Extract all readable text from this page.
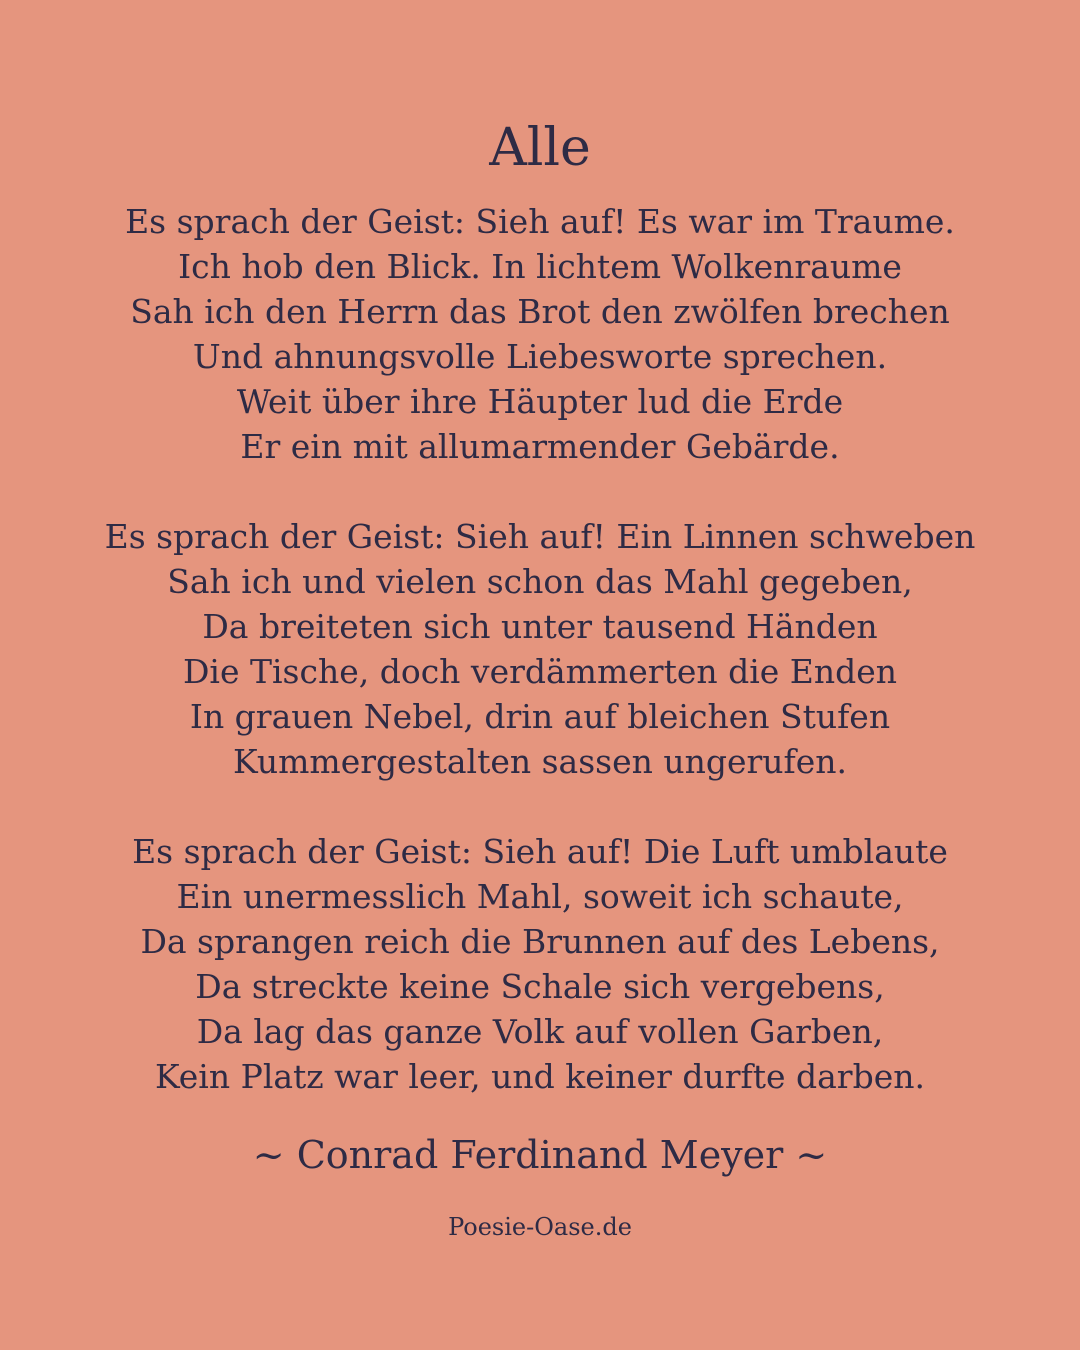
Alle
Es sprach der Geist: Sieh auf! Es war im Traume.
Ich hob den Blick. In lichtem Wolkenraume
Sah ich den Herrn das Brot den zwölfen brechen
Und ahnungsvolle Liebesworte sprechen.
Weit über ihre Häupter lud die Erde
Er ein mit allumarmender Gebärde.
Es sprach der Geist: Sieh auf! Ein Linnen schweben
Sah ich und vielen schon das Mahl gegeben,
Da breiteten sich unter tausend Händen
Die Tische, doch verdämmerten die Enden
In grauen Nebel, drin auf bleichen Stufen
Kummergestalten sassen ungerufen.
Es sprach der Geist: Sieh auf! Die Luft umblaute
Ein unermesslich Mahl, soweit ich schaute,
Da sprangen reich die Brunnen auf des Lebens,
Da streckte keine Schale sich vergebens,
Da lag das ganze Volk auf vollen Garben,
Kein Platz war leer, und keiner durfte darben.
~ Conrad Ferdinand Meyer ~
Poesie-Oase.de
